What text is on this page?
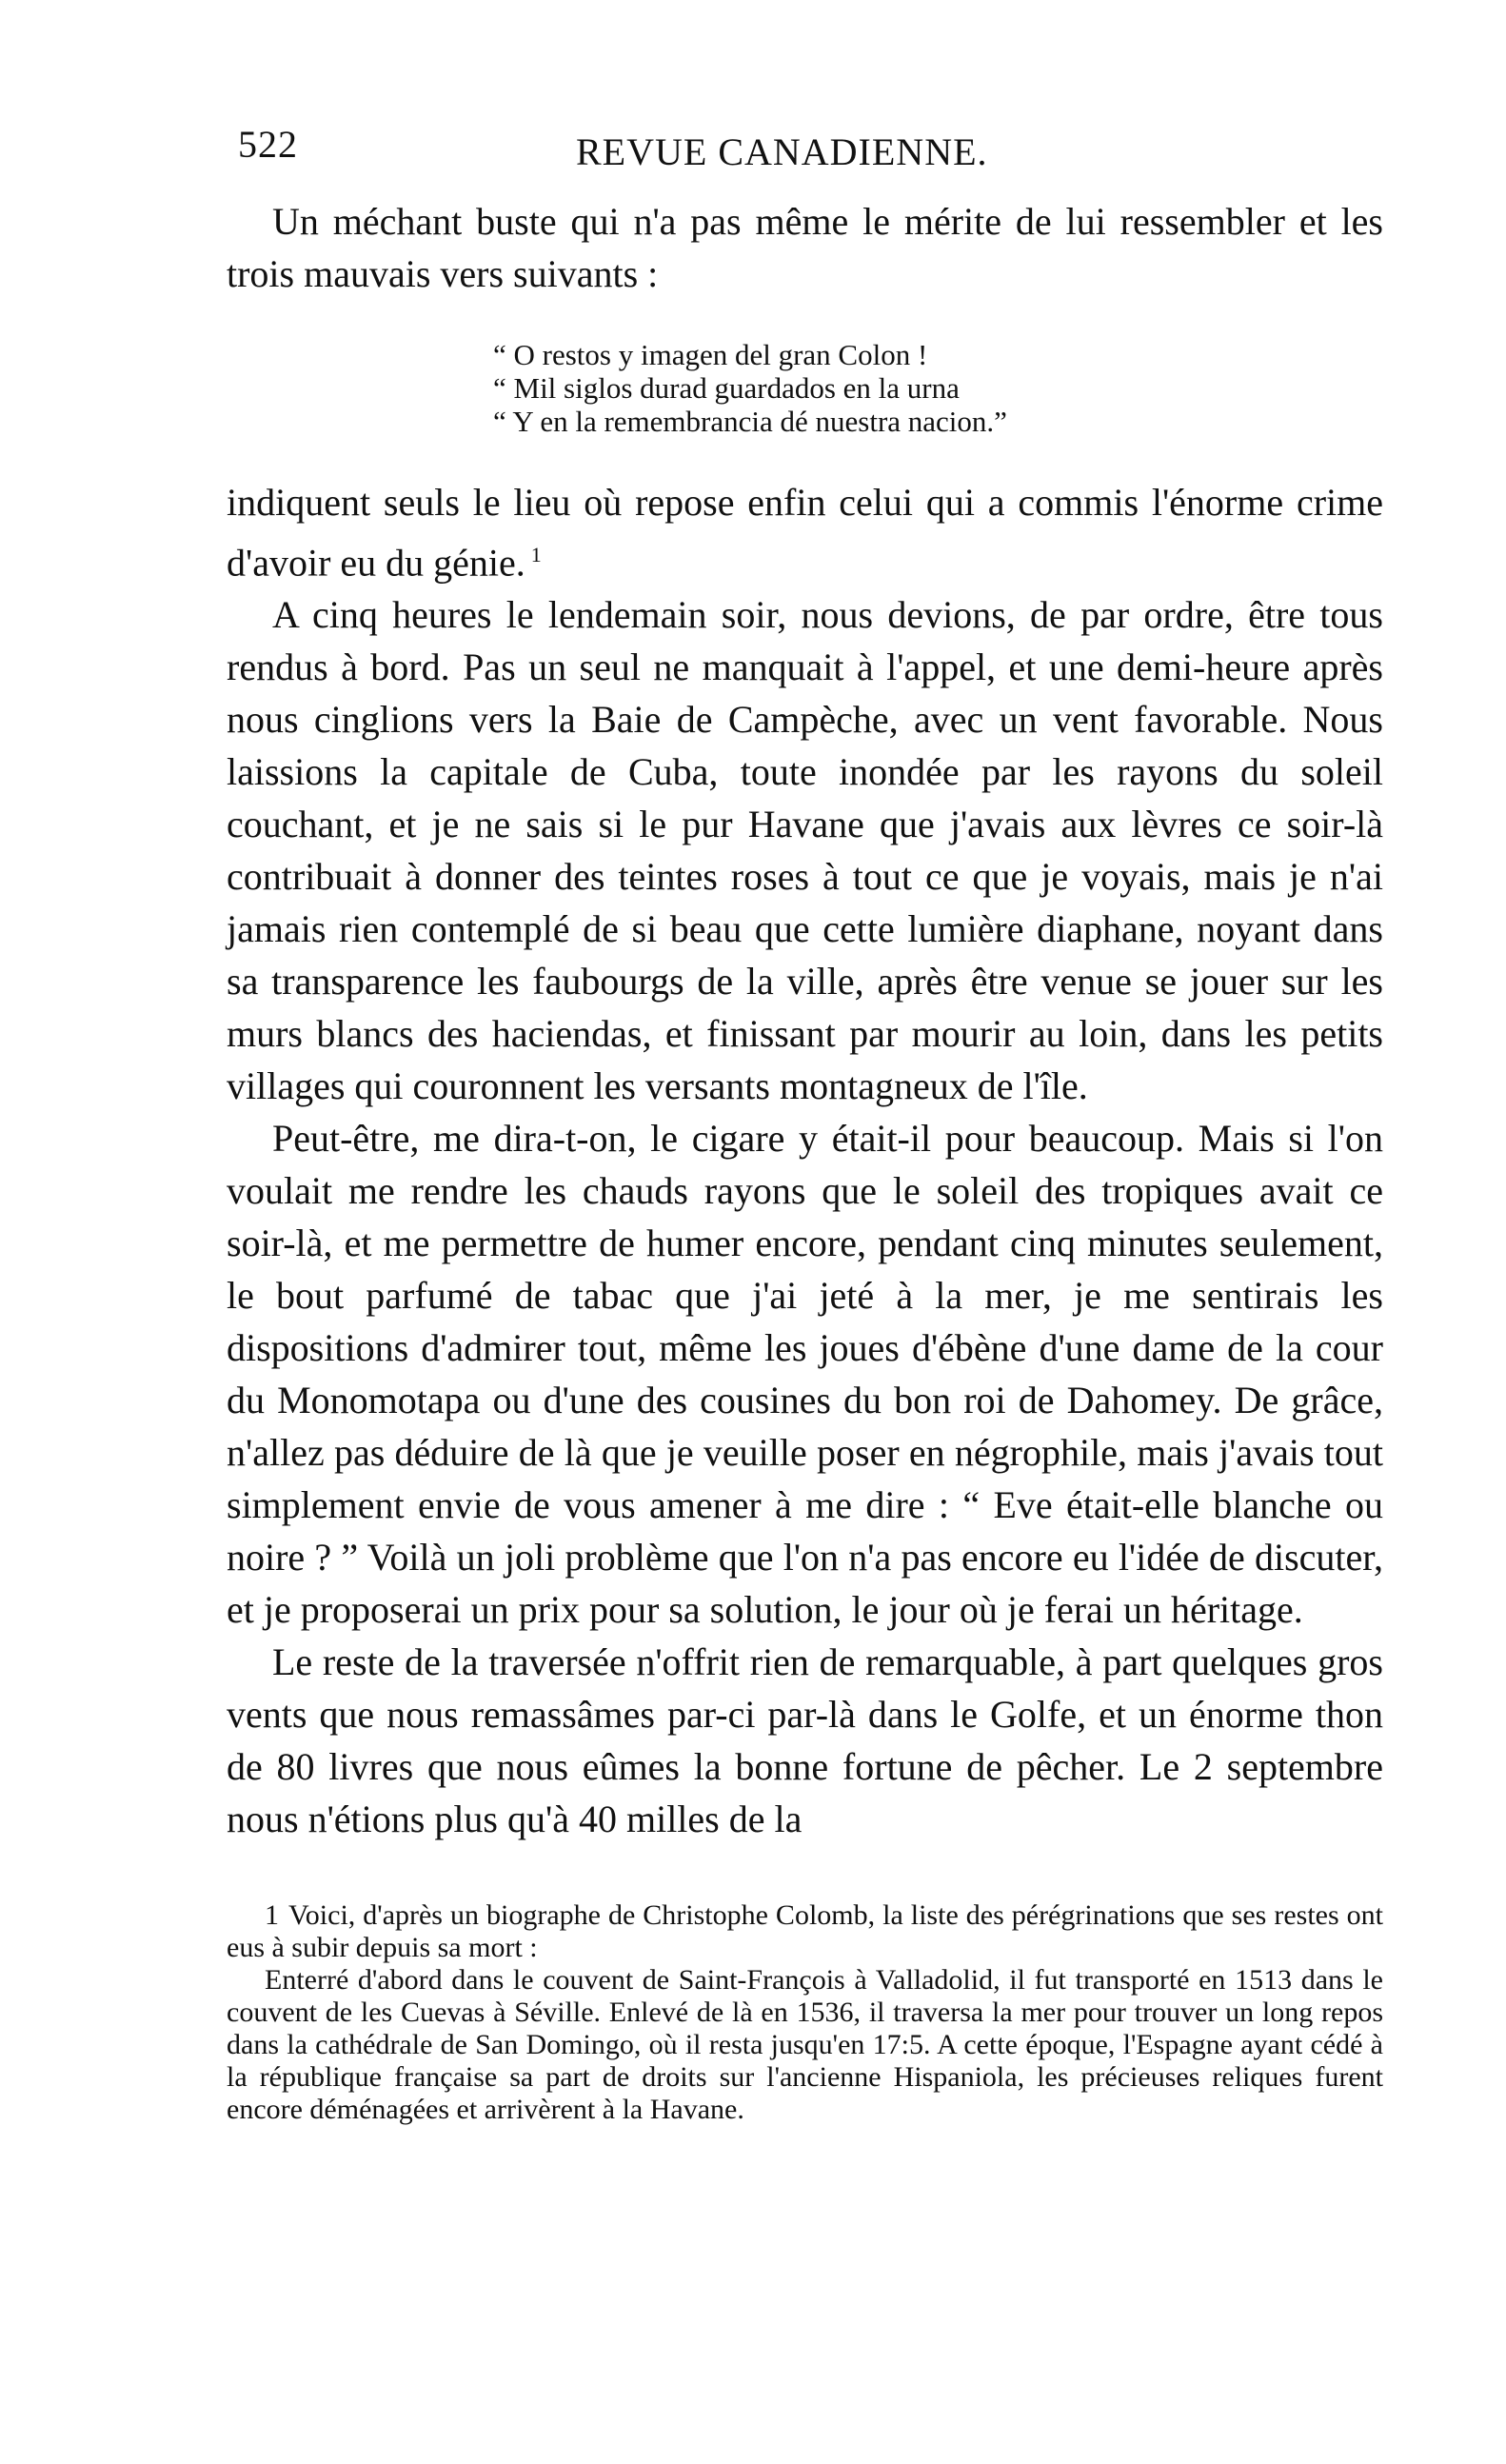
522	REVUE CANADIENNE.

Un méchant buste qui n'a pas même le mérite de lui ressembler et les trois mauvais vers suivants :

“ O restos y imagen del gran Colon !
“ Mil siglos durad guardados en la urna
“ Y en la remembrancia dé nuestra nacion.”

indiquent seuls le lieu où repose enfin celui qui a commis l'énorme crime d'avoir eu du génie. $^1$

A cinq heures le lendemain soir, nous devions, de par ordre, être tous rendus à bord. Pas un seul ne manquait à l'appel, et une demi-heure après nous cinglions vers la Baie de Campèche, avec un vent favorable. Nous laissions la capitale de Cuba, toute inondée par les rayons du soleil couchant, et je ne sais si le pur Havane que j'avais aux lèvres ce soir-là contribuait à donner des teintes roses à tout ce que je voyais, mais je n'ai jamais rien contemplé de si beau que cette lumière diaphane, noyant dans sa transparence les faubourgs de la ville, après être venue se jouer sur les murs blancs des haciendas, et finissant par mourir au loin, dans les petits villages qui couronnent les versants montagneux de l'île.

Peut-être, me dira-t-on, le cigare y était-il pour beaucoup. Mais si l'on voulait me rendre les chauds rayons que le soleil des tropiques avait ce soir-là, et me permettre de humer encore, pendant cinq minutes seulement, le bout parfumé de tabac que j'ai jeté à la mer, je me sentirais les dispositions d'admirer tout, même les joues d'ébène d'une dame de la cour du Monomotapa ou d'une des cousines du bon roi de Dahomey. De grâce, n'allez pas déduire de là que je veuille poser en négrophile, mais j'avais tout simplement envie de vous amener à me dire : “ Eve était-elle blanche ou noire ? ” Voilà un joli problème que l'on n'a pas encore eu l'idée de discuter, et je proposerai un prix pour sa solution, le jour où je ferai un héritage.

Le reste de la traversée n'offrit rien de remarquable, à part quelques gros vents que nous remassâmes par-ci par-là dans le Golfe, et un énorme thon de 80 livres que nous eûmes la bonne fortune de pêcher. Le 2 septembre nous n'étions plus qu'à 40 milles de la

1 Voici, d'après un biographe de Christophe Colomb, la liste des pérégrinations que ses restes ont eus à subir depuis sa mort :

Enterré d'abord dans le couvent de Saint-François à Valladolid, il fut transporté en 1513 dans le couvent de les Cuevas à Séville. Enlevé de là en 1536, il traversa la mer pour trouver un long repos dans la cathédrale de San Domingo, où il resta jusqu'en 17:5. A cette époque, l'Espagne ayant cédé à la république française sa part de droits sur l'ancienne Hispaniola, les précieuses reliques furent encore déménagées et arrivèrent à la Havane.
